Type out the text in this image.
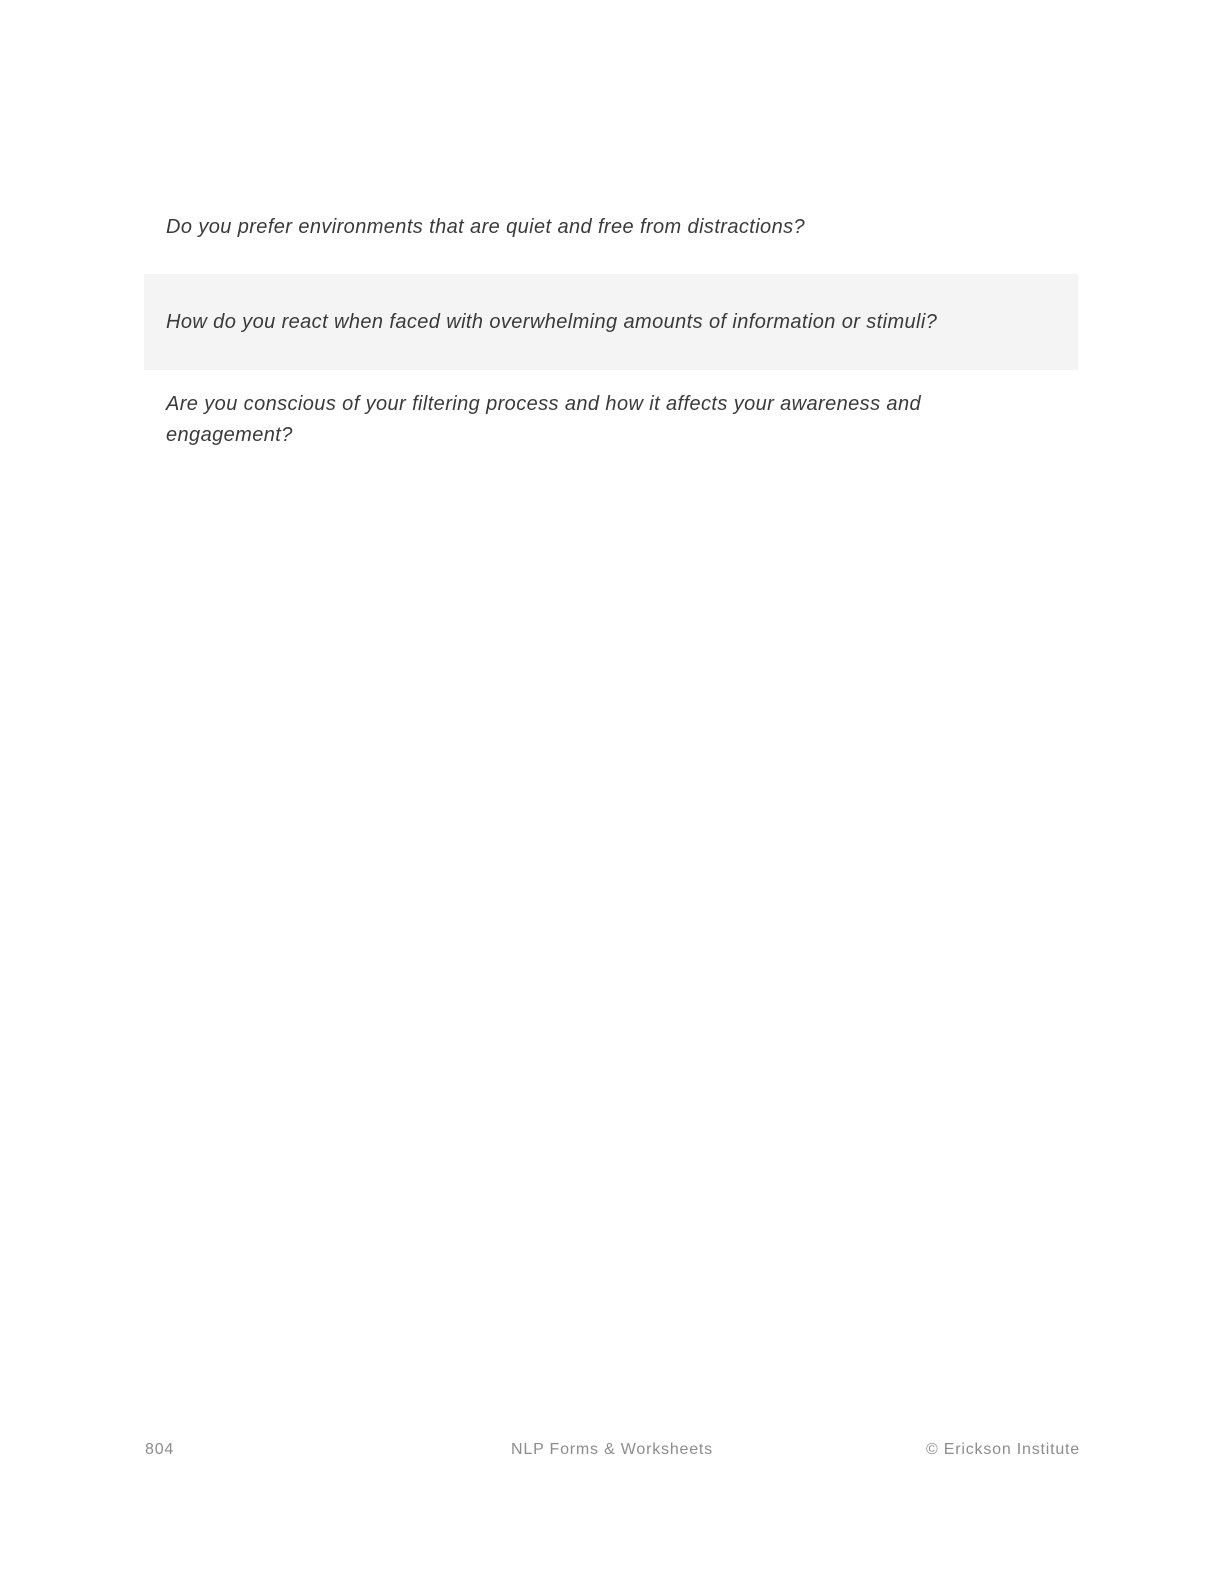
Do you prefer environments that are quiet and free from distractions?

How do you react when faced with overwhelming amounts of information or stimuli?

Are you conscious of your filtering process and how it affects your awareness and engagement?

804	NLP Forms & Worksheets	© Erickson Institute
